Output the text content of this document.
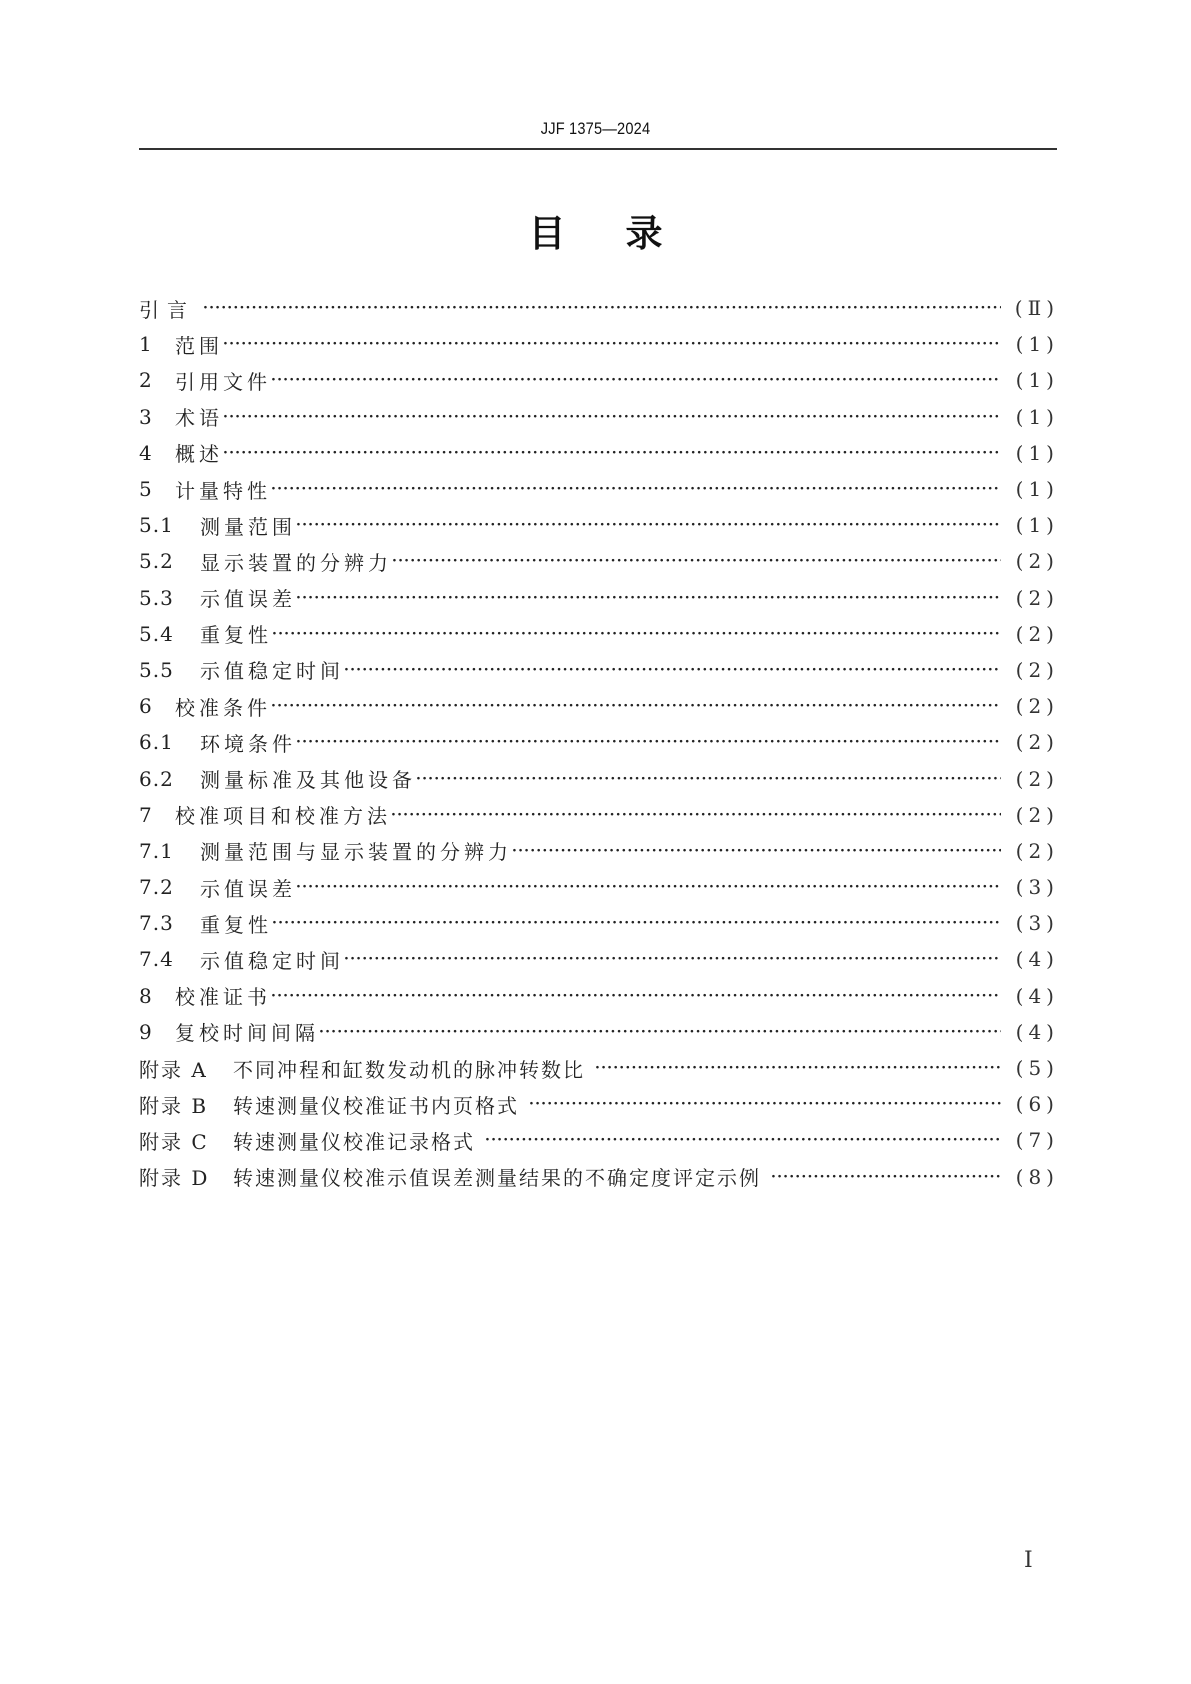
JJF 1375—2024
目录
引言 ·····	(Ⅱ)
1	范围 ·····	(1)
2	引用文件 ·····	(1)
3	术语 ·····	(1)
4	概述 ·····	(1)
5	计量特性 ·····	(1)
5.1	测量范围 ·····	(1)
5.2	显示装置的分辨力 ·····	(2)
5.3	示值误差 ·····	(2)
5.4	重复性 ·····	(2)
5.5	示值稳定时间 ·····	(2)
6	校准条件 ·····	(2)
6.1	环境条件 ·····	(2)
6.2	测量标准及其他设备 ·····	(2)
7	校准项目和校准方法 ·····	(2)
7.1	测量范围与显示装置的分辨力 ·····	(2)
7.2	示值误差 ·····	(3)
7.3	重复性 ·····	(3)
7.4	示值稳定时间 ·····	(4)
8	校准证书 ·····	(4)
9	复校时间间隔 ·····	(4)
附录 A	不同冲程和缸数发动机的脉冲转数比 ·····	(5)
附录 B	转速测量仪校准证书内页格式 ·····	(6)
附录 C	转速测量仪校准记录格式 ·····	(7)
附录 D	转速测量仪校准示值误差测量结果的不确定度评定示例 ·····	(8)
Ⅰ
